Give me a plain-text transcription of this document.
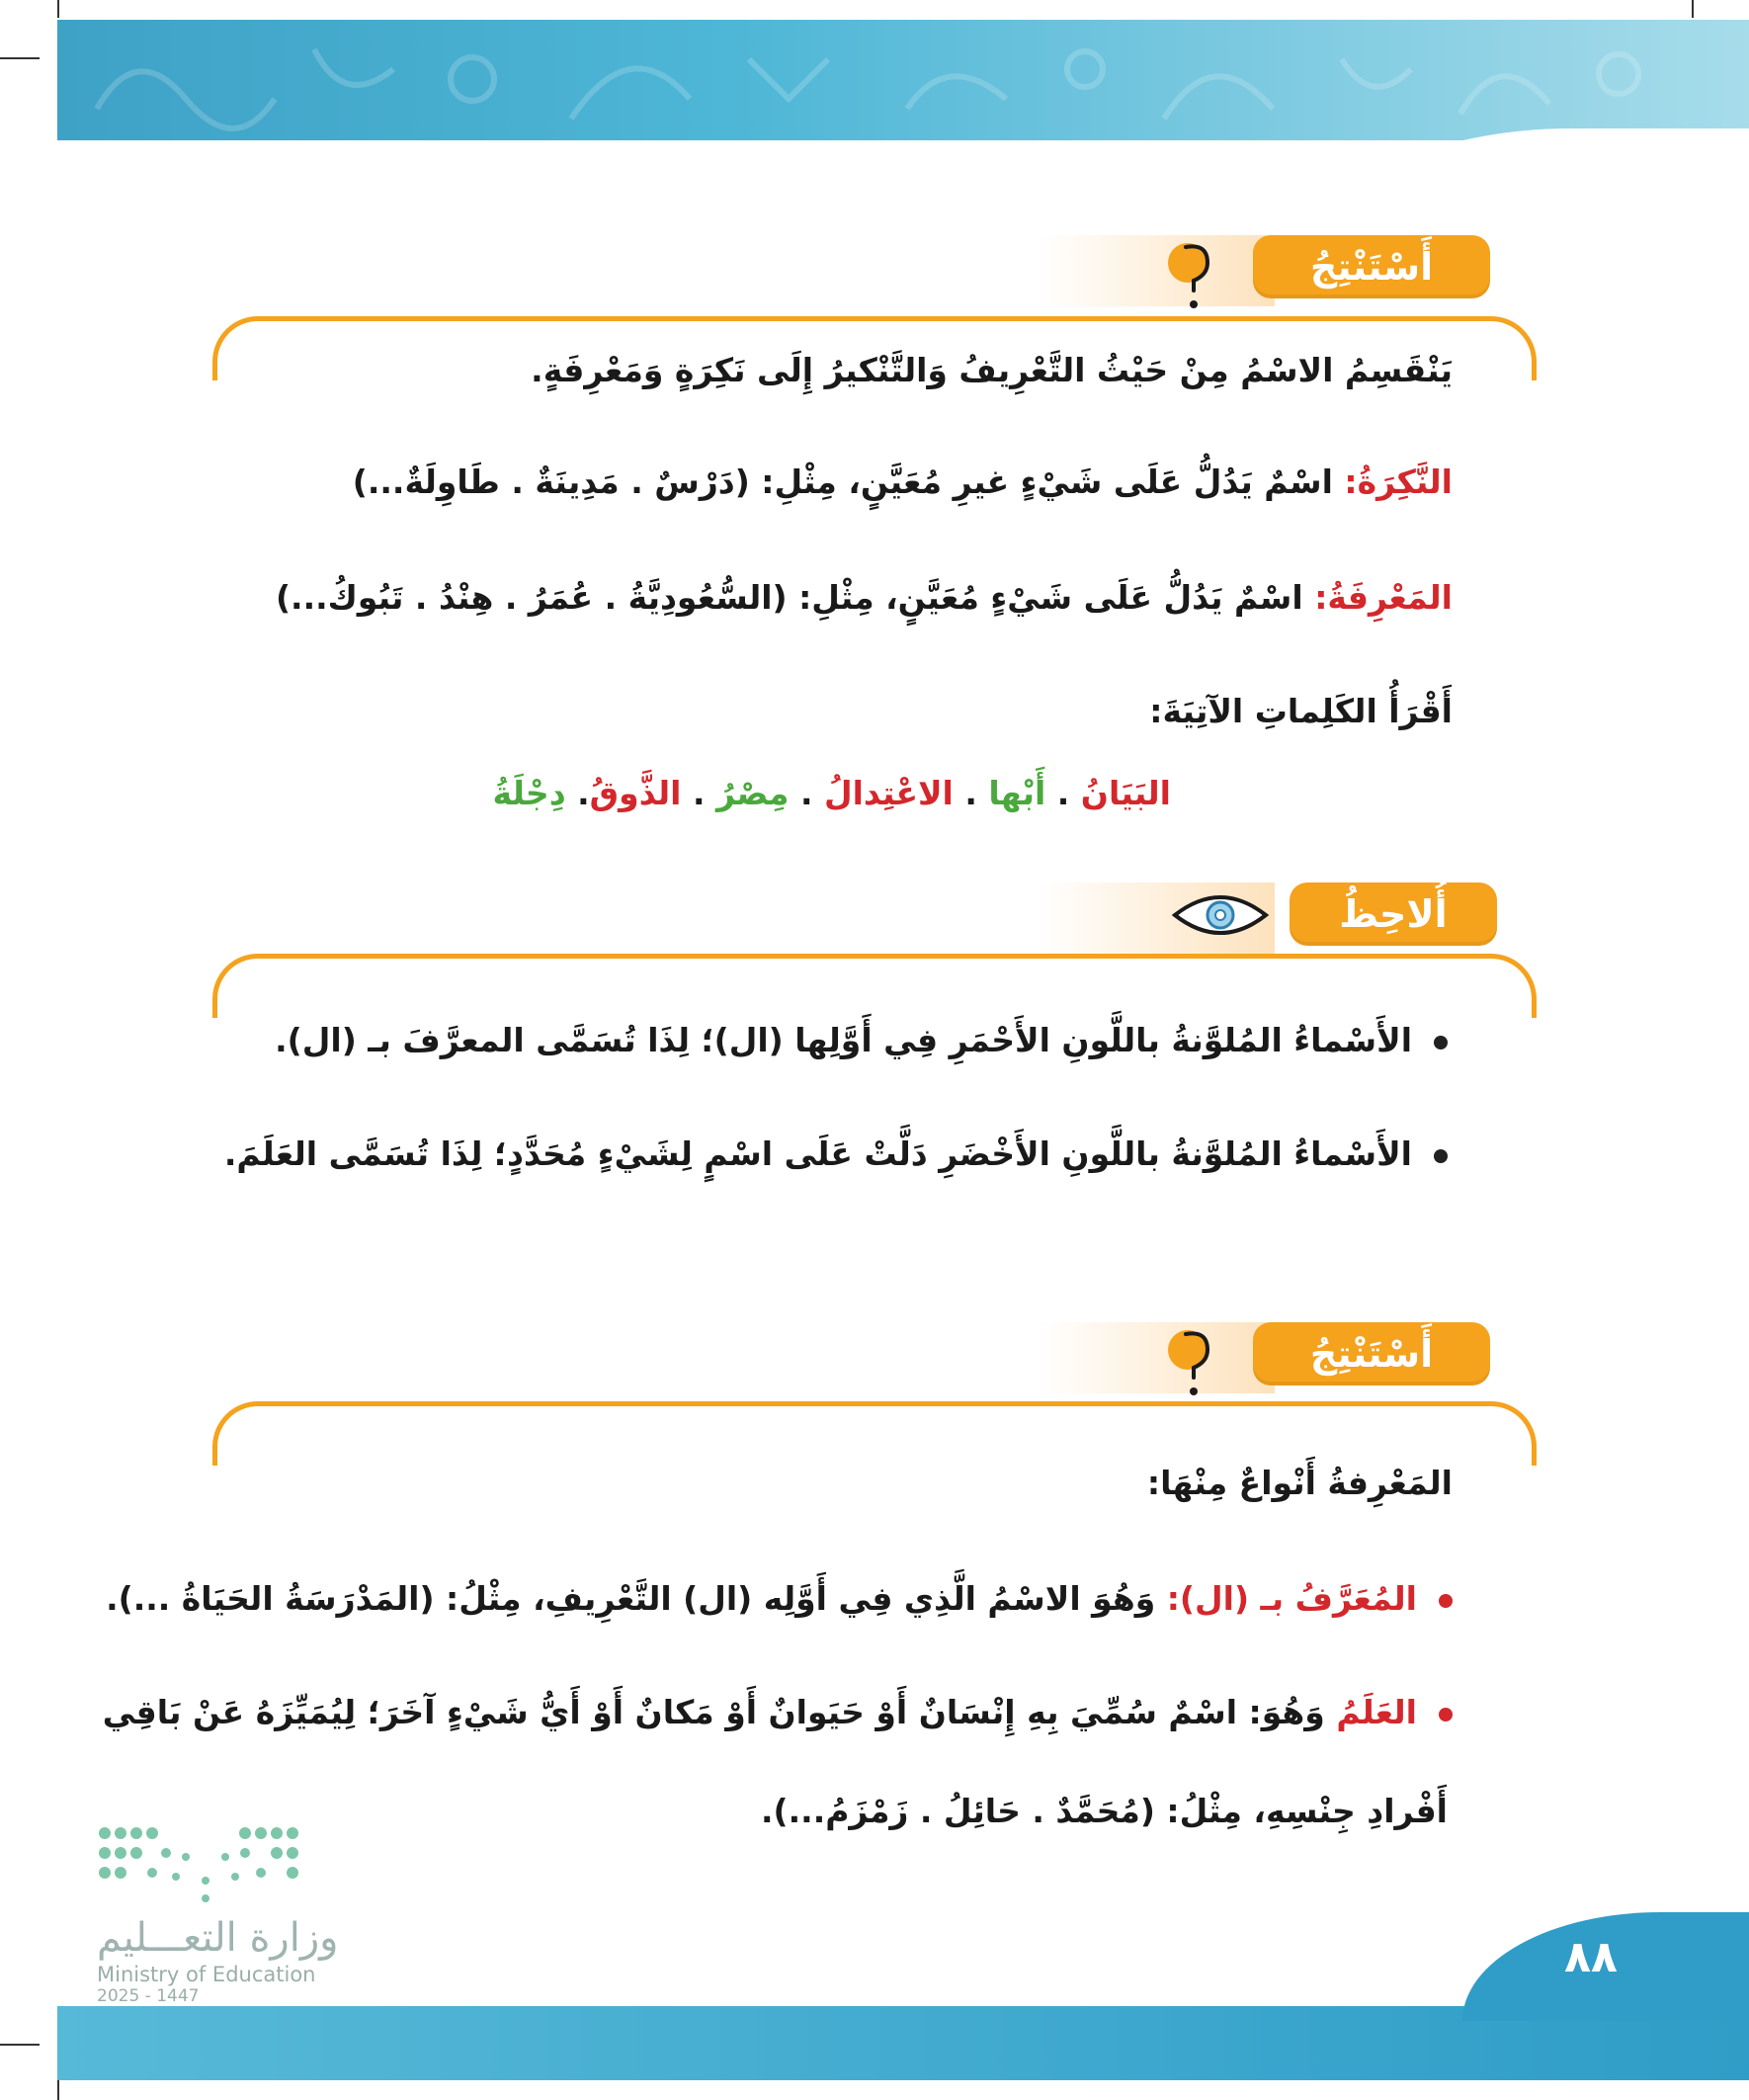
أَسْتَنْتِجُ
يَنْقَسِمُ الاسْمُ مِنْ حَيْثُ التَّعْرِيفُ وَالتَّنْكيرُ إِلَى نَكِرَةٍ وَمَعْرِفَةٍ.
النَّكِرَةُ: اسْمٌ يَدُلُّ عَلَى شَيْءٍ غيرِ مُعَيَّنٍ، مِثْلِ: (دَرْسٌ . مَدِينَةٌ . طَاوِلَةٌ...)
المَعْرِفَةُ: اسْمٌ يَدُلُّ عَلَى شَيْءٍ مُعَيَّنٍ، مِثْلِ: (السُّعُودِيَّةُ . عُمَرُ . هِنْدُ . تَبُوكُ...)
أَقْرَأُ الكَلِماتِ الآتِيَةَ:
البَيَانُ . أَبْها . الاعْتِدالُ . مِصْرُ . الذَّوقُ. دِجْلَةُ
أُلاحِظُ
الأَسْماءُ المُلوَّنةُ باللَّونِ الأَحْمَرِ فِي أَوَّلِها (ال)؛ لِذَا تُسَمَّى المعرَّفَ بـ (ال).
الأَسْماءُ المُلوَّنةُ باللَّونِ الأَخْضَرِ دَلَّتْ عَلَى اسْمٍ لِشَيْءٍ مُحَدَّدٍ؛ لِذَا تُسَمَّى العَلَمَ.
أَسْتَنْتِجُ
المَعْرِفةُ أَنْواعٌ مِنْهَا:
المُعَرَّفُ بـ (ال): وَهُوَ الاسْمُ الَّذِي فِي أَوَّلِه (ال) التَّعْرِيفِ، مِثْلُ: (المَدْرَسَةُ الحَيَاةُ ...).
العَلَمُ وَهُوَ: اسْمٌ سُمِّيَ بِهِ إِنْسَانٌ أَوْ حَيَوانٌ أَوْ مَكانٌ أَوْ أَيُّ شَيْءٍ آخَرَ؛ لِيُمَيِّزَهُ عَنْ بَاقِي
أَفْرادِ جِنْسِهِ، مِثْلُ: (مُحَمَّدٌ . حَائِلُ . زَمْزَمُ...).
وزارة التعـــليم
Ministry of Education
2025 - 1447
٨٨
